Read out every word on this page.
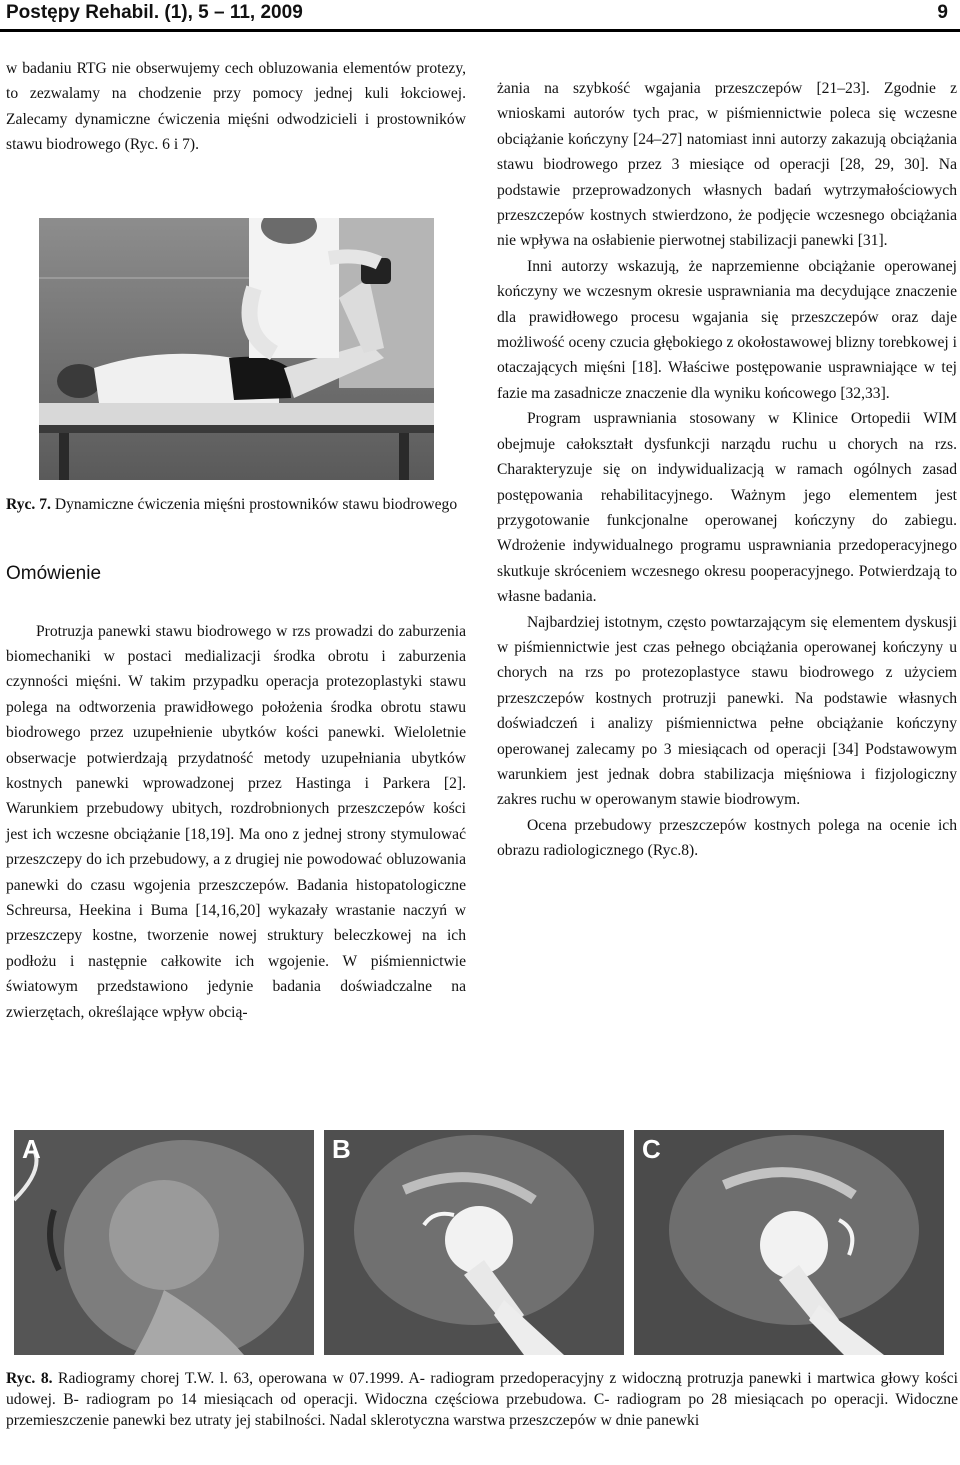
Postępy Rehabil. (1), 5 – 11, 2009	9

w badaniu RTG nie obserwujemy cech obluzowania elementów protezy, to zezwalamy na chodzenie przy pomocy jednej kuli łokciowej. Zalecamy dynamiczne ćwiczenia mięśni odwodzicieli i prostowników stawu biodrowego (Ryc. 6 i 7).

Ryc. 7. Dynamiczne ćwiczenia mięśni prostowników stawu biodrowego
Omówienie

Protruzja panewki stawu biodrowego w rzs prowadzi do zaburzenia biomechaniki w postaci medializacji środka obrotu i zaburzenia czynności mięśni. W takim przypadku operacja protezoplastyki stawu polega na odtworzenia prawidłowego położenia środka obrotu stawu biodrowego przez uzupełnienie ubytków kości panewki. Wieloletnie obserwacje potwierdzają przydatność metody uzupełniania ubytków kostnych panewki wprowadzonej przez Hastinga i Parkera [2]. Warunkiem przebudowy ubitych, rozdrobnionych przeszczepów kości jest ich wczesne obciążanie [18,19]. Ma ono z jednej strony stymulować przeszczepy do ich przebudowy, a z drugiej nie powodować obluzowania panewki do czasu wgojenia przeszczepów. Badania histopatologiczne Schreursa, Heekina i Buma [14,16,20] wykazały wrastanie naczyń w przeszczepy kostne, tworzenie nowej struktury beleczkowej na ich podłożu i następnie całkowite ich wgojenie. W piśmiennictwie światowym przedstawiono jedynie badania doświadczalne na zwierzętach, określające wpływ obcią-

żania na szybkość wgajania przeszczepów [21–23]. Zgodnie z wnioskami autorów tych prac, w piśmiennictwie poleca się wczesne obciążanie kończyny [24–27] natomiast inni autorzy zakazują obciążania stawu biodrowego przez 3 miesiące od operacji [28, 29, 30]. Na podstawie przeprowadzonych własnych badań wytrzymałościowych przeszczepów kostnych stwierdzono, że podjęcie wczesnego obciążania nie wpływa na osłabienie pierwotnej stabilizacji panewki [31].

Inni autorzy wskazują, że naprzemienne obciążanie operowanej kończyny we wczesnym okresie usprawniania ma decydujące znaczenie dla prawidłowego procesu wgajania się przeszczepów oraz daje możliwość oceny czucia głębokiego z okołostawowej blizny torebkowej i otaczających mięśni [18]. Właściwe postępowanie usprawniające w tej fazie ma zasadnicze znaczenie dla wyniku końcowego [32,33].

Program usprawniania stosowany w Klinice Ortopedii WIM obejmuje całokształt dysfunkcji narządu ruchu u chorych na rzs. Charakteryzuje się on indywidualizacją w ramach ogólnych zasad postępowania rehabilitacyjnego. Ważnym jego elementem jest przygotowanie funkcjonalne operowanej kończyny do zabiegu. Wdrożenie indywidualnego programu usprawniania przedoperacyjnego skutkuje skróceniem wczesnego okresu pooperacyjnego. Potwierdzają to własne badania.

Najbardziej istotnym, często powtarzającym się elementem dyskusji w piśmiennictwie jest czas pełnego obciążania operowanej kończyny u chorych na rzs po protezoplastyce stawu biodrowego z użyciem przeszczepów kostnych protruzji panewki. Na podstawie własnych doświadczeń i analizy piśmiennictwa pełne obciążanie kończyny operowanej zalecamy po 3 miesiącach od operacji [34] Podstawowym warunkiem jest jednak dobra stabilizacja mięśniowa i fizjologiczny zakres ruchu w operowanym stawie biodrowym.

Ocena przebudowy przeszczepów kostnych polega na ocenie ich obrazu radiologicznego (Ryc.8).

A	B	C
Ryc. 8. Radiogramy chorej T.W. l. 63, operowana w 07.1999. A- radiogram przedoperacyjny z widoczną protruzja panewki i martwica głowy kości udowej. B- radiogram po 14 miesiącach od operacji. Widoczna częściowa przebudowa. C- radiogram po 28 miesiącach po operacji. Widoczne przemieszczenie panewki bez utraty jej stabilności. Nadal sklerotyczna warstwa przeszczepów w dnie panewki
